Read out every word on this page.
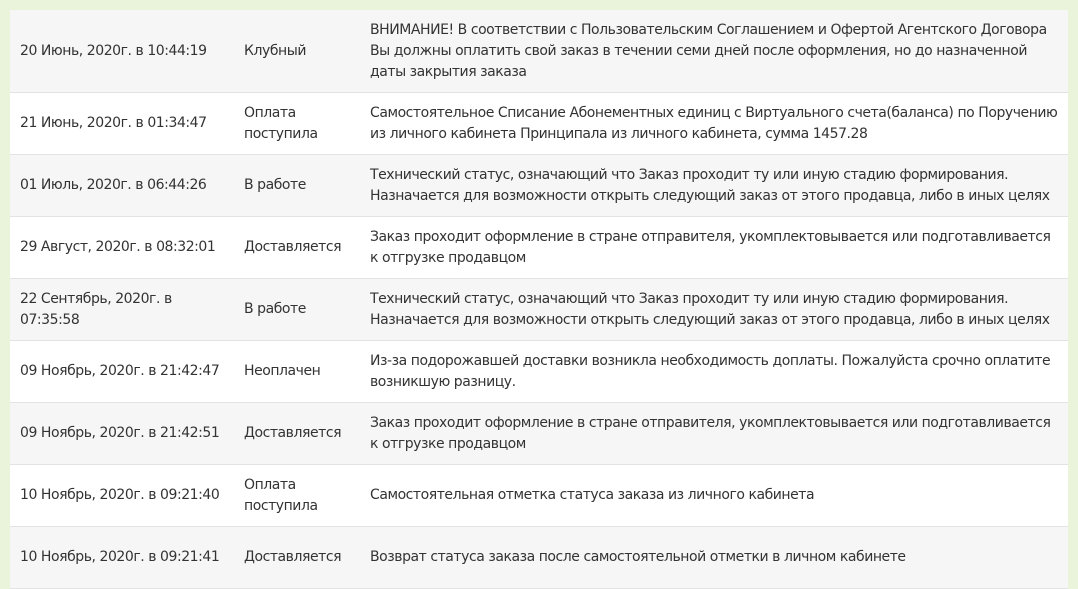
20 Июнь, 2020г. в 10:44:19	Клубный	ВНИМАНИЕ! В соответствии с Пользовательским Соглашением и Офертой Агентского Договора Вы должны оплатить свой заказ в течении семи дней после оформления, но до назначенной даты закрытия заказа
21 Июнь, 2020г. в 01:34:47	Оплата поступила	Самостоятельное Списание Абонементных единиц с Виртуального счета(баланса) по Поручению из личного кабинета Принципала из личного кабинета, сумма 1457.28
01 Июль, 2020г. в 06:44:26	В работе	Технический статус, означающий что Заказ проходит ту или иную стадию формирования. Назначается для возможности открыть следующий заказ от этого продавца, либо в иных целях
29 Август, 2020г. в 08:32:01	Доставляется	Заказ проходит оформление в стране отправителя, укомплектовывается или подготавливается к отгрузке продавцом
22 Сентябрь, 2020г. в 07:35:58	В работе	Технический статус, означающий что Заказ проходит ту или иную стадию формирования. Назначается для возможности открыть следующий заказ от этого продавца, либо в иных целях
09 Ноябрь, 2020г. в 21:42:47	Неоплачен	Из-за подорожавшей доставки возникла необходимость доплаты. Пожалуйста срочно оплатите возникшую разницу.
09 Ноябрь, 2020г. в 21:42:51	Доставляется	Заказ проходит оформление в стране отправителя, укомплектовывается или подготавливается к отгрузке продавцом
10 Ноябрь, 2020г. в 09:21:40	Оплата поступила	Самостоятельная отметка статуса заказа из личного кабинета
10 Ноябрь, 2020г. в 09:21:41	Доставляется	Возврат статуса заказа после самостоятельной отметки в личном кабинете
